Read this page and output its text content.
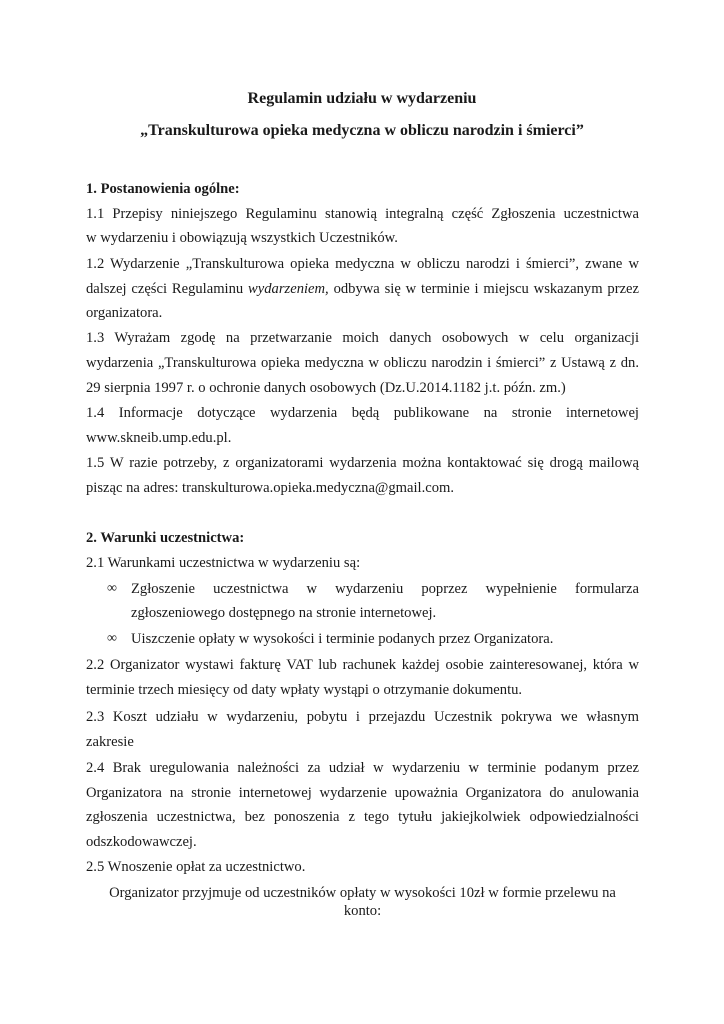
Regulamin udziału w wydarzeniu
„Transkulturowa opieka medyczna w obliczu narodzin i śmierci”
1. Postanowienia ogólne:
1.1 Przepisy niniejszego Regulaminu stanowią integralną część Zgłoszenia uczestnictwa
w wydarzeniu i obowiązują wszystkich Uczestników.
1.2 Wydarzenie „Transkulturowa opieka medyczna w obliczu narodzi i śmierci”, zwane w
dalszej części Regulaminu wydarzeniem, odbywa się w terminie i miejscu wskazanym przez
organizatora.
1.3 Wyrażam zgodę na przetwarzanie moich danych osobowych w celu organizacji
wydarzenia „Transkulturowa opieka medyczna w obliczu narodzin i śmierci” z Ustawą z dn.
29 sierpnia 1997 r. o ochronie danych osobowych (Dz.U.2014.1182 j.t. późn. zm.)
1.4 Informacje dotyczące wydarzenia będą publikowane na stronie internetowej
www.skneib.ump.edu.pl.
1.5 W razie potrzeby, z organizatorami wydarzenia można kontaktować się drogą mailową
pisząc na adres: transkulturowa.opieka.medyczna@gmail.com.
2. Warunki uczestnictwa:
2.1 Warunkami uczestnictwa w wydarzeniu są:
∞ Zgłoszenie uczestnictwa w wydarzeniu poprzez wypełnienie formularza
zgłoszeniowego dostępnego na stronie internetowej.
∞ Uiszczenie opłaty w wysokości i terminie podanych przez Organizatora.
2.2 Organizator wystawi fakturę VAT lub rachunek każdej osobie zainteresowanej, która w
terminie trzech miesięcy od daty wpłaty wystąpi o otrzymanie dokumentu.
2.3 Koszt udziału w wydarzeniu, pobytu i przejazdu Uczestnik pokrywa we własnym
zakresie
2.4 Brak uregulowania należności za udział w wydarzeniu w terminie podanym przez
Organizatora na stronie internetowej wydarzenie upoważnia Organizatora do anulowania
zgłoszenia uczestnictwa, bez ponoszenia z tego tytułu jakiejkolwiek odpowiedzialności
odszkodowawczej.
2.5 Wnoszenie opłat za uczestnictwo.
Organizator przyjmuje od uczestników opłaty w wysokości 10zł w formie przelewu na
konto:
